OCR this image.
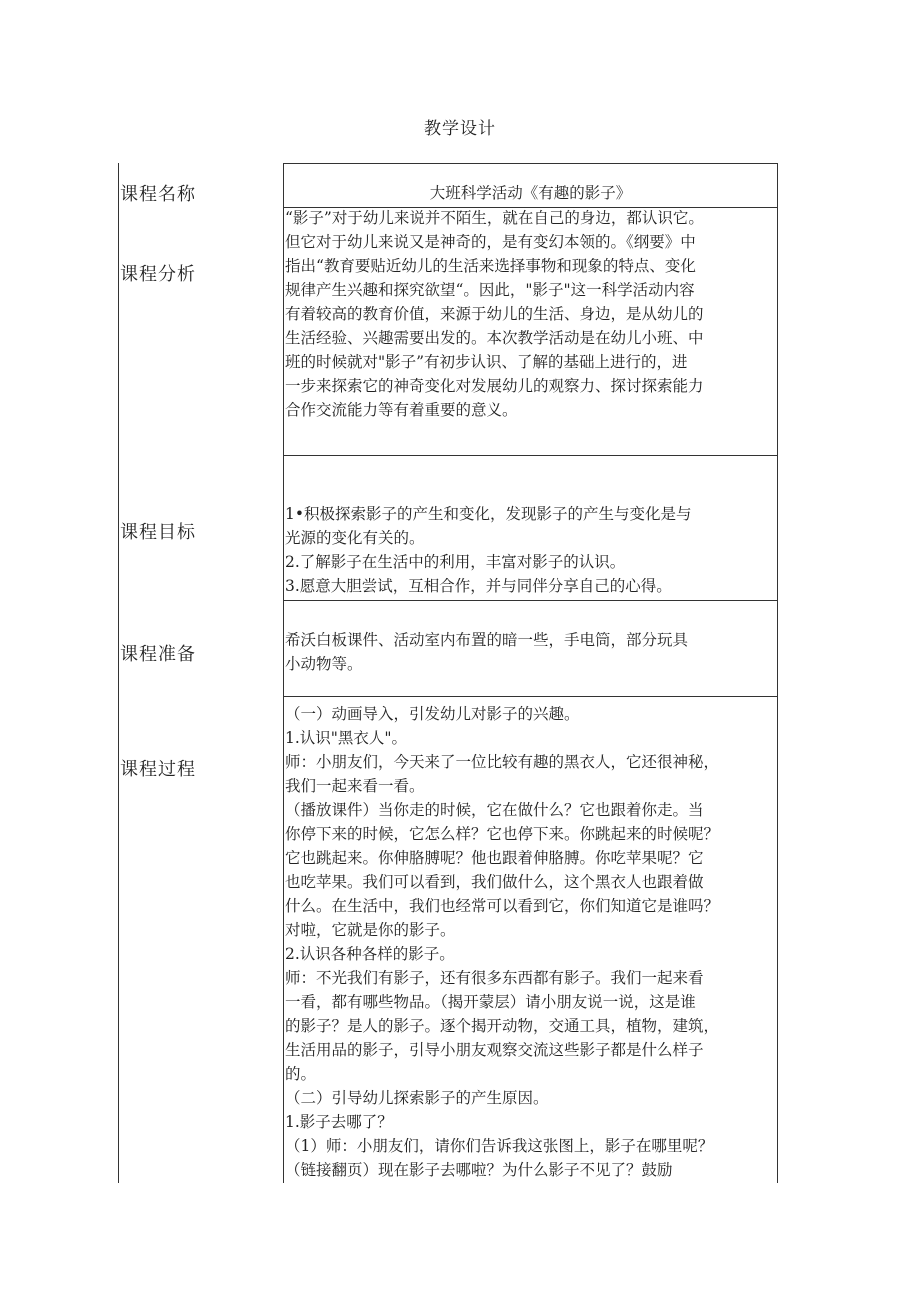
教学设计
课程名称	大班科学活动《有趣的影子》
课程分析

“影子”对于幼儿来说并不陌生，就在自己的身边，都认识它。

但它对于幼儿来说又是神奇的，是有变幻本领的。《纲要》中

指出“教育要贴近幼儿的生活来选择事物和现象的特点、变化

规律产生兴趣和探究欲望“。因此，"影子"这一科学活动内容

有着较高的教育价值，来源于幼儿的生活、身边，是从幼儿的

生活经验、兴趣需要出发的。本次教学活动是在幼儿小班、中

班的时候就对"影子”有初步认识、了解的基础上进行的，进

一步来探索它的神奇变化对发展幼儿的观察力、探讨探索能力

合作交流能力等有着重要的意义。

课程目标

1•积极探索影子的产生和变化，发现影子的产生与变化是与

光源的变化有关的。

2.了解影子在生活中的利用，丰富对影子的认识。

3.愿意大胆尝试，互相合作，并与同伴分享自己的心得。

课程准备

希沃白板课件、活动室内布置的暗一些，手电筒，部分玩具

小动物等。

课程过程

（一）动画导入，引发幼儿对影子的兴趣。

1.认识"黑衣人"。

师：小朋友们，今天来了一位比较有趣的黑衣人，它还很神秘，

我们一起来看一看。

（播放课件）当你走的时候，它在做什么？它也跟着你走。当

你停下来的时候，它怎么样？它也停下来。你跳起来的时候呢？

它也跳起来。你伸胳膊呢？他也跟着伸胳膊。你吃苹果呢？它

也吃苹果。我们可以看到，我们做什么，这个黑衣人也跟着做

什么。在生活中，我们也经常可以看到它，你们知道它是谁吗？

对啦，它就是你的影子。

2.认识各种各样的影子。

师：不光我们有影子，还有很多东西都有影子。我们一起来看

一看，都有哪些物品。（揭开蒙层）请小朋友说一说，这是谁

的影子？是人的影子。逐个揭开动物，交通工具，植物，建筑，

生活用品的影子，引导小朋友观察交流这些影子都是什么样子

的。

（二）引导幼儿探索影子的产生原因。

1.影子去哪了？

（1）师：小朋友们，请你们告诉我这张图上，影子在哪里呢？

（链接翻页）现在影子去哪啦？为什么影子不见了？鼓励
